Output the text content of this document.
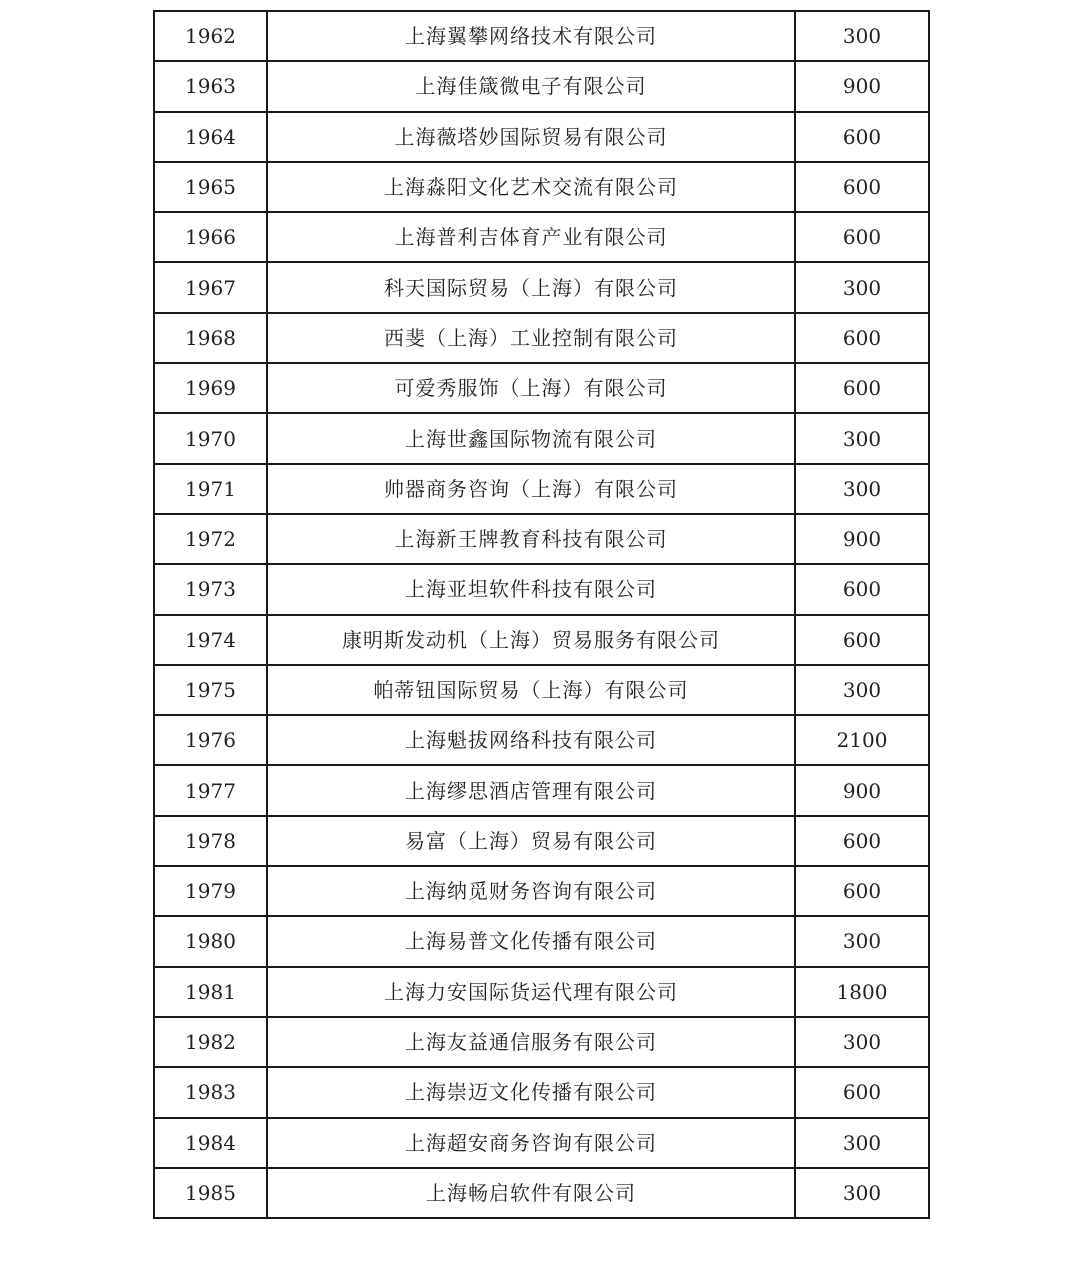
1962	上海翼攀网络技术有限公司	300
1963	上海佳箴微电子有限公司	900
1964	上海薇塔妙国际贸易有限公司	600
1965	上海淼阳文化艺术交流有限公司	600
1966	上海普利吉体育产业有限公司	600
1967	科天国际贸易（上海）有限公司	300
1968	西斐（上海）工业控制有限公司	600
1969	可爱秀服饰（上海）有限公司	600
1970	上海世鑫国际物流有限公司	300
1971	帅器商务咨询（上海）有限公司	300
1972	上海新王牌教育科技有限公司	900
1973	上海亚坦软件科技有限公司	600
1974	康明斯发动机（上海）贸易服务有限公司	600
1975	帕蒂钮国际贸易（上海）有限公司	300
1976	上海魁拔网络科技有限公司	2100
1977	上海缪思酒店管理有限公司	900
1978	易富（上海）贸易有限公司	600
1979	上海纳觅财务咨询有限公司	600
1980	上海易普文化传播有限公司	300
1981	上海力安国际货运代理有限公司	1800
1982	上海友益通信服务有限公司	300
1983	上海崇迈文化传播有限公司	600
1984	上海超安商务咨询有限公司	300
1985	上海畅启软件有限公司	300
